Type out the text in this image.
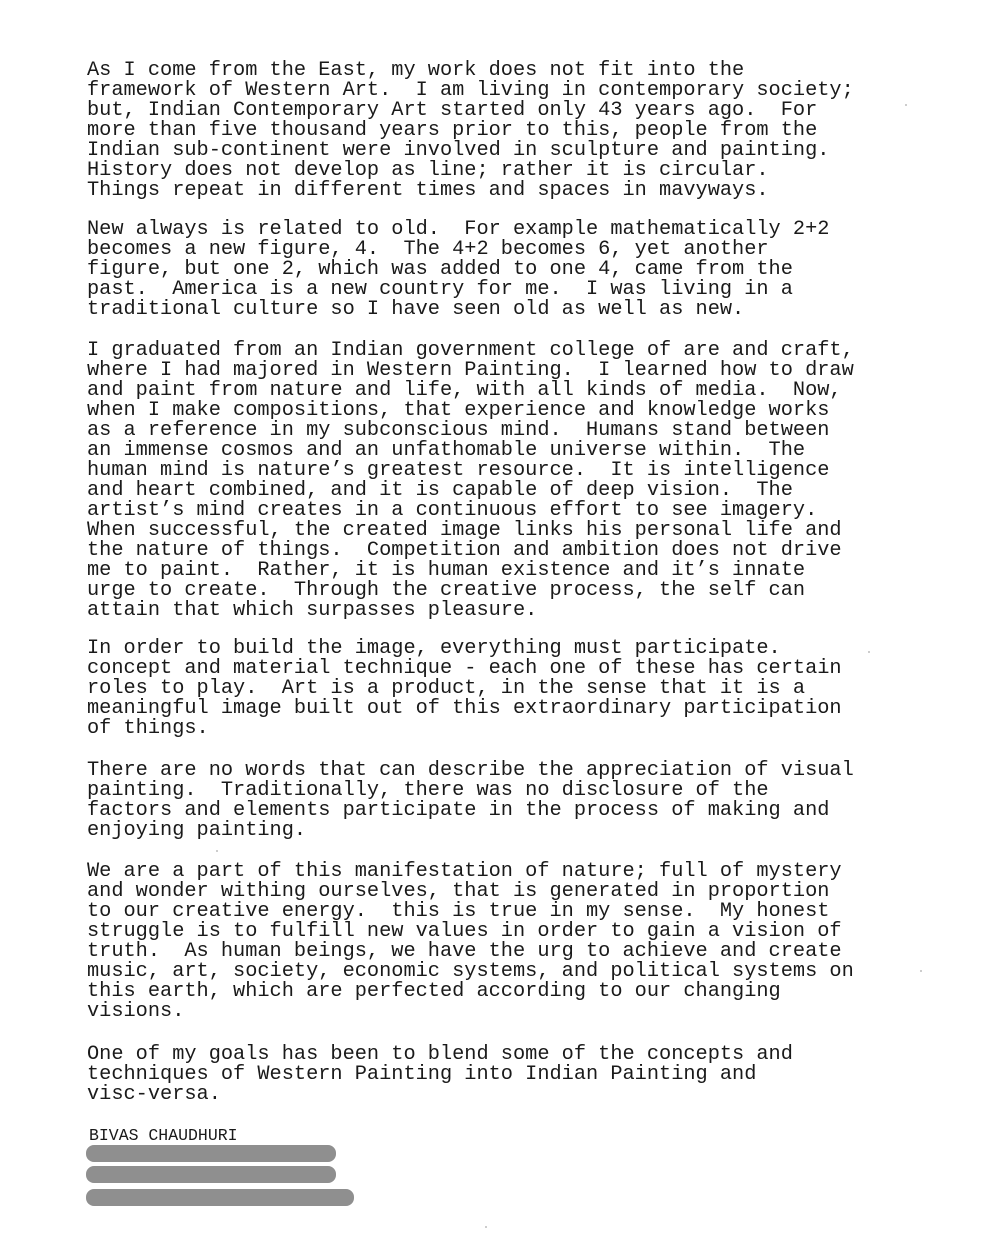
As I come from the East, my work does not fit into the
framework of Western Art.  I am living in contemporary society;
but, Indian Contemporary Art started only 43 years ago.  For
more than five thousand years prior to this, people from the
Indian sub-continent were involved in sculpture and painting.
History does not develop as line; rather it is circular.
Things repeat in different times and spaces in mavyways.
New always is related to old.  For example mathematically 2+2
becomes a new figure, 4.  The 4+2 becomes 6, yet another
figure, but one 2, which was added to one 4, came from the
past.  America is a new country for me.  I was living in a
traditional culture so I have seen old as well as new.
I graduated from an Indian government college of are and craft,
where I had majored in Western Painting.  I learned how to draw
and paint from nature and life, with all kinds of media.  Now,
when I make compositions, that experience and knowledge works
as a reference in my subconscious mind.  Humans stand between
an immense cosmos and an unfathomable universe within.  The
human mind is nature’s greatest resource.  It is intelligence
and heart combined, and it is capable of deep vision.  The
artist’s mind creates in a continuous effort to see imagery.
When successful, the created image links his personal life and
the nature of things.  Competition and ambition does not drive
me to paint.  Rather, it is human existence and it’s innate
urge to create.  Through the creative process, the self can
attain that which surpasses pleasure.
In order to build the image, everything must participate.
concept and material technique - each one of these has certain
roles to play.  Art is a product, in the sense that it is a
meaningful image built out of this extraordinary participation
of things.
There are no words that can describe the appreciation of visual
painting.  Traditionally, there was no disclosure of the
factors and elements participate in the process of making and
enjoying painting.
We are a part of this manifestation of nature; full of mystery
and wonder withing ourselves, that is generated in proportion
to our creative energy.  this is true in my sense.  My honest
struggle is to fulfill new values in order to gain a vision of
truth.  As human beings, we have the urg to achieve and create
music, art, society, economic systems, and political systems on
this earth, which are perfected according to our changing
visions.
One of my goals has been to blend some of the concepts and
techniques of Western Painting into Indian Painting and
visc-versa.
BIVAS CHAUDHURI
